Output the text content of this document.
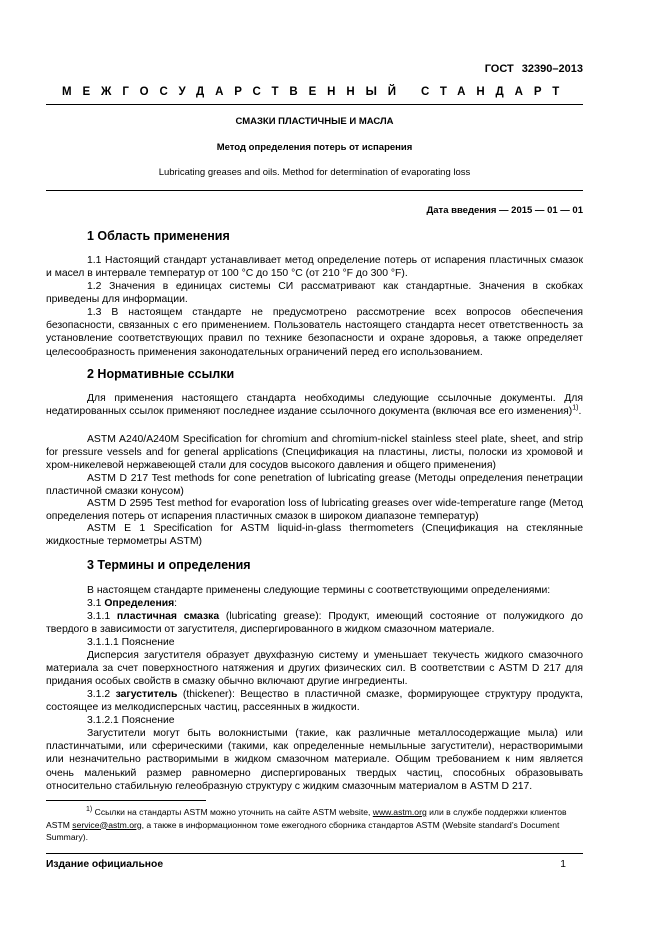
ГОСТ 32390–2013
МЕЖГОСУДАРСТВЕННЫЙ СТАНДАРТ
СМАЗКИ ПЛАСТИЧНЫЕ И МАСЛА
Метод определения потерь от испарения
Lubricating greases and oils. Method for determination of evaporating loss
Дата введения — 2015 — 01 — 01
1 Область применения
1.1 Настоящий стандарт устанавливает метод определение потерь от испарения пластичных смазок и масел в интервале температур от 100 °С до 150 °С (от 210 °F до 300 °F).
1.2 Значения в единицах системы СИ рассматривают как стандартные. Значения в скобках приведены для информации.
1.3 В настоящем стандарте не предусмотрено рассмотрение всех вопросов обеспечения безопасности, связанных с его применением. Пользователь настоящего стандарта несет ответственность за установление соответствующих правил по технике безопасности и охране здоровья, а также определяет целесообразность применения законодательных ограничений перед его использованием.
2 Нормативные ссылки
Для применения настоящего стандарта необходимы следующие ссылочные документы. Для недатированных ссылок применяют последнее издание ссылочного документа (включая все его изменения)$^{1)}$.
ASTM A240/A240M Specification for chromium and chromium-nickel stainless steel plate, sheet, and strip for pressure vessels and for general applications (Спецификация на пластины, листы, полоски из хромовой и хром-никелевой нержавеющей стали для сосудов высокого давления и общего применения)
ASTM D 217 Test methods for cone penetration of lubricating grease (Методы определения пенетрации пластичной смазки конусом)
ASTM D 2595 Test method for evaporation loss of lubricating greases over wide-temperature range (Метод определения потерь от испарения пластичных смазок в широком диапазоне температур)
ASTM E 1 Specification for ASTM liquid-in-glass thermometers (Спецификация на стеклянные жидкостные термометры ASTM)
3 Термины и определения
В настоящем стандарте применены следующие термины с соответствующими определениями:
3.1 Определения:
3.1.1 пластичная смазка (lubricating grease): Продукт, имеющий состояние от полужидкого до твердого в зависимости от загустителя, диспергированного в жидком смазочном материале.
3.1.1.1 Пояснение
Дисперсия загустителя образует двухфазную систему и уменьшает текучесть жидкого смазочного материала за счет поверхностного натяжения и других физических сил. В соответствии с ASTM D 217 для придания особых свойств в смазку обычно включают другие ингредиенты.
3.1.2 загуститель (thickener): Вещество в пластичной смазке, формирующее структуру продукта, состоящее из мелкодисперсных частиц, рассеянных в жидкости.
3.1.2.1 Пояснение
Загустители могут быть волокнистыми (такие, как различные металлосодержащие мыла) или пластинчатыми, или сферическими (такими, как определенные немыльные загустители), нерастворимыми или незначительно растворимыми в жидком смазочном материале. Общим требованием к ним является очень маленький размер равномерно диспергированых твердых частиц, способных образовывать относительно стабильную гелеобразную структуру с жидким смазочным материалом в ASTM D 217.
$^{1)}$ Ссылки на стандарты ASTM можно уточнить на сайте ASTM website, www.astm.org или в службе поддержки клиентов ASTM service@astm.org, а также в информационном томе ежегодного сборника стандартов ASTM (Website standard’s Document Summary).
Издание официальное	1
